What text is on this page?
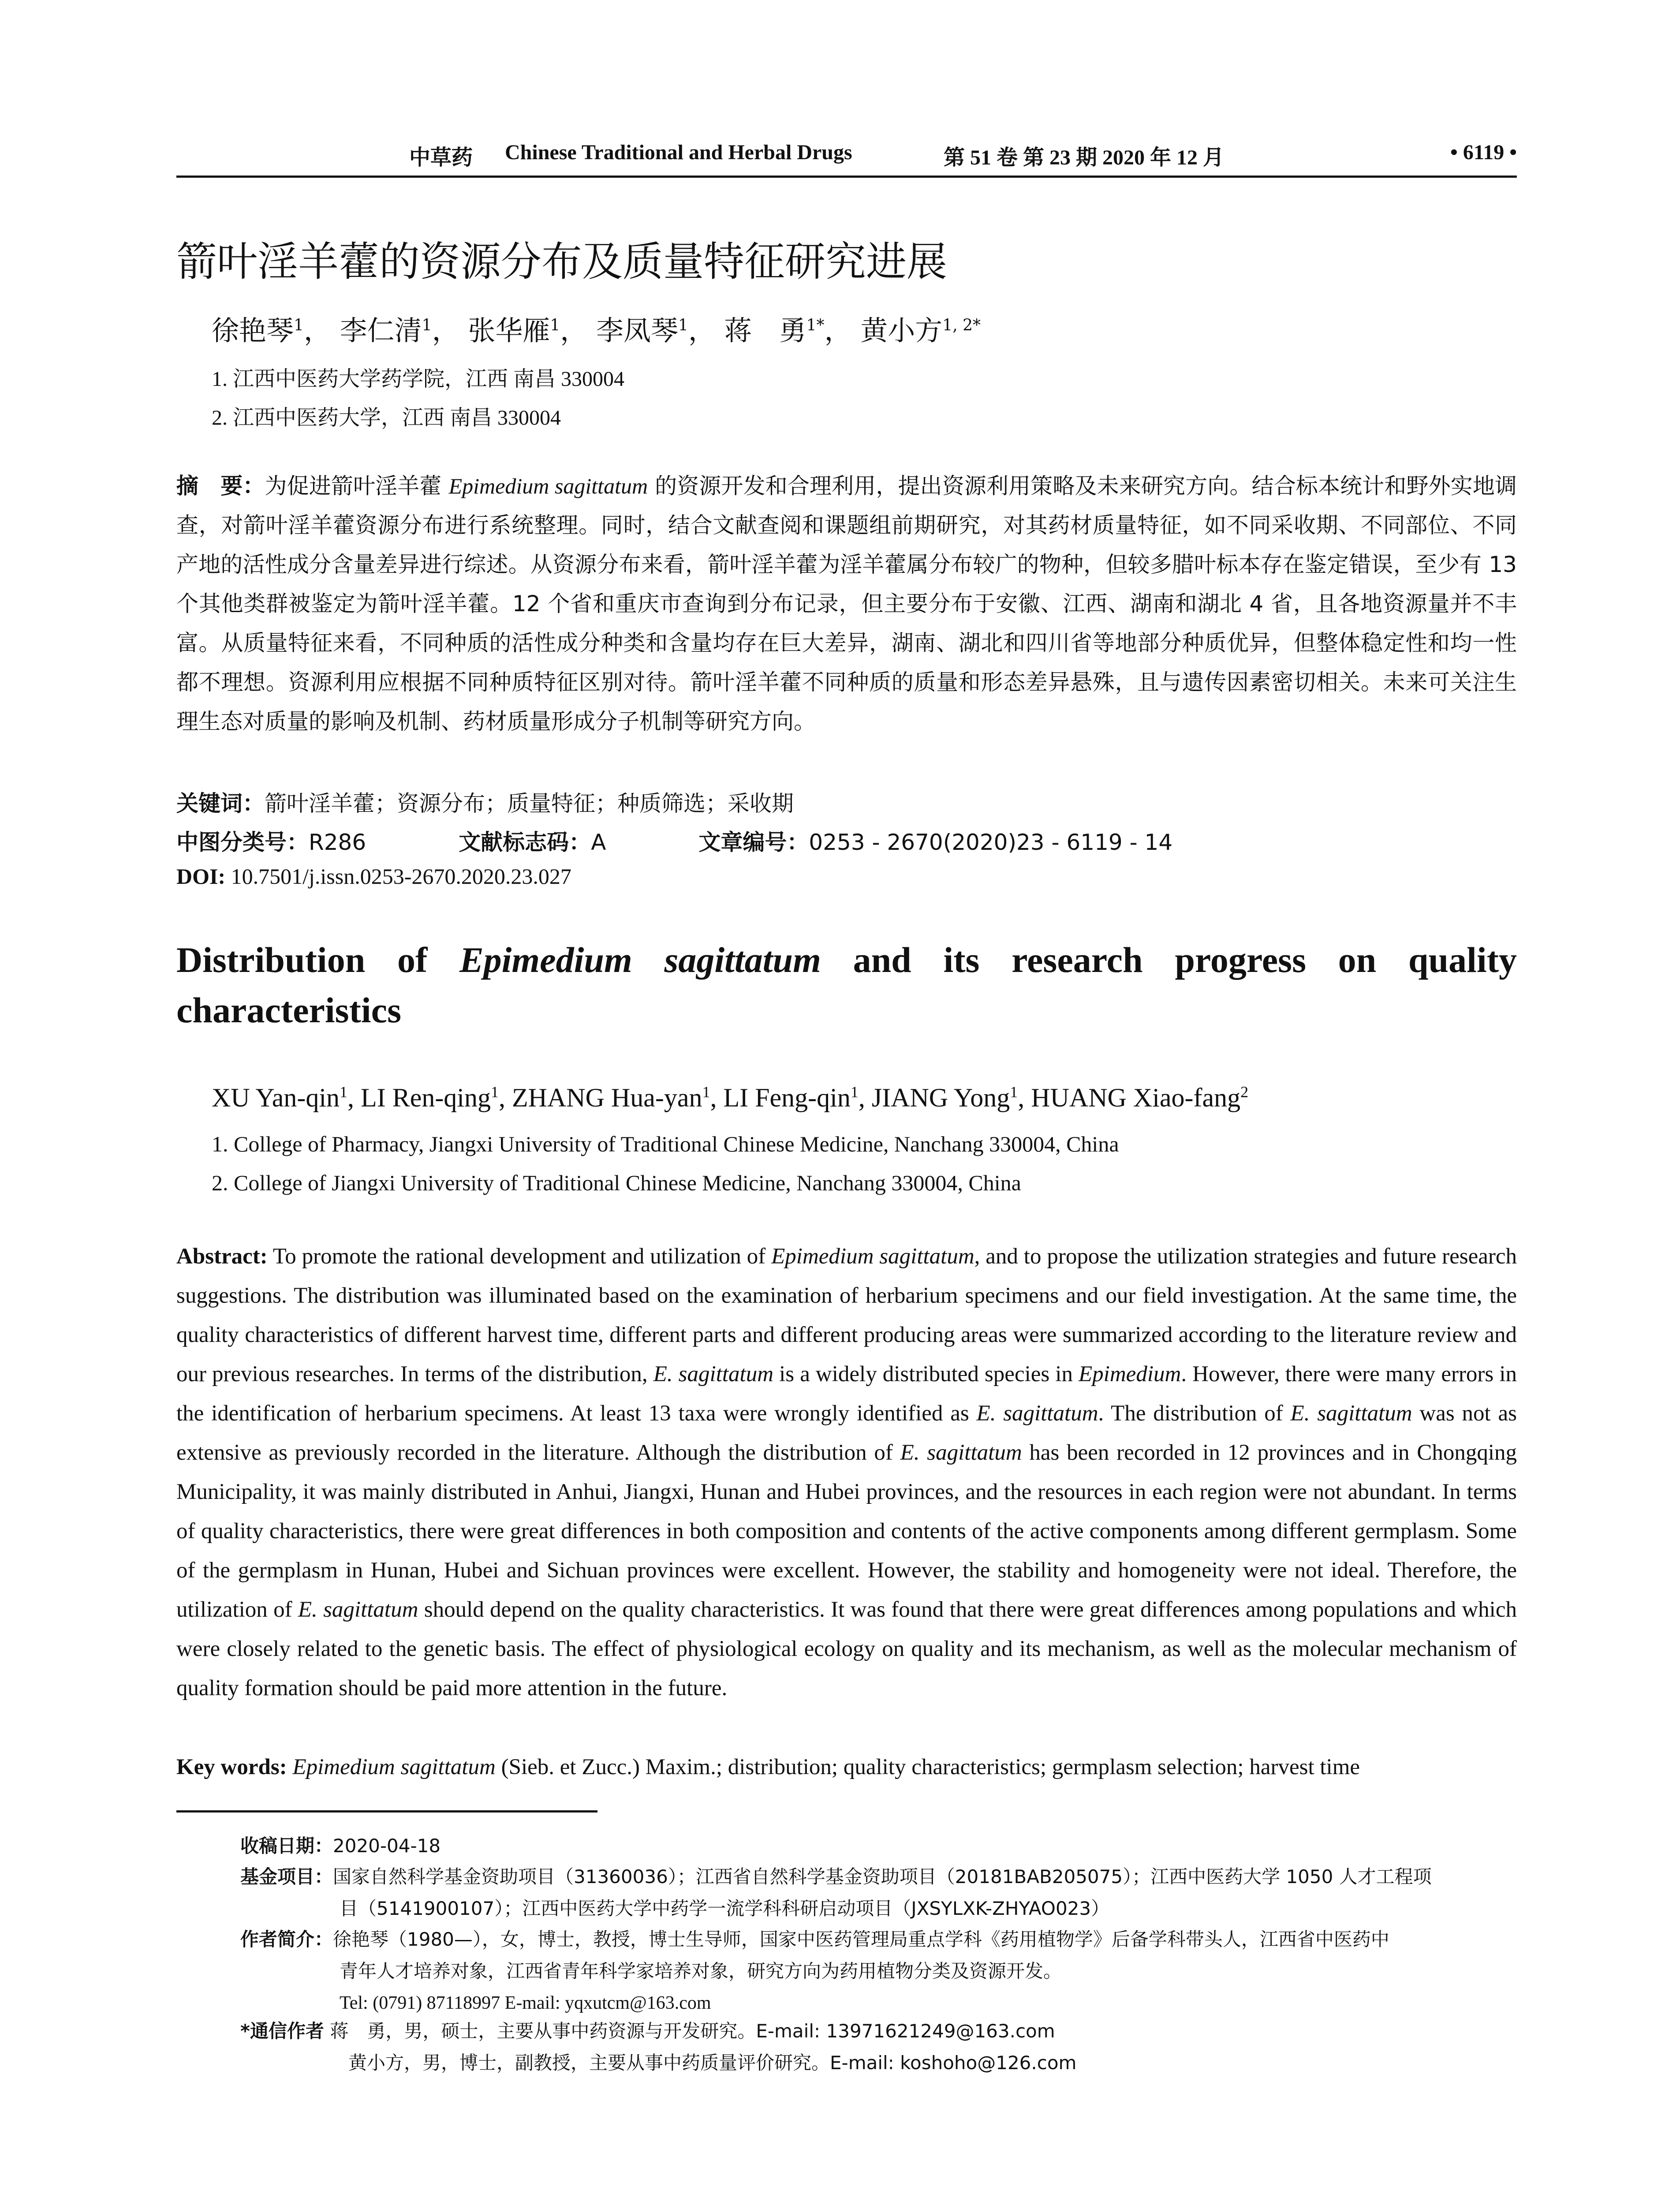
中草药 Chinese Traditional and Herbal Drugs	第 51 卷 第 23 期 2020 年 12 月	• 6119 •
箭叶淫羊藿的资源分布及质量特征研究进展
徐艳琴$^1$， 李仁清$^1$， 张华雁$^1$， 李凤琴$^1$， 蒋　勇$^{1*}$， 黄小方$^{1, 2*}$
1. 江西中医药大学药学院，江西 南昌 330004
2. 江西中医药大学，江西 南昌 330004
摘　要：为促进箭叶淫羊藿 Epimedium sagittatum 的资源开发和合理利用，提出资源利用策略及未来研究方向。结合标本统计和野外实地调查，对箭叶淫羊藿资源分布进行系统整理。同时，结合文献查阅和课题组前期研究，对其药材质量特征，如不同采收期、不同部位、不同产地的活性成分含量差异进行综述。从资源分布来看，箭叶淫羊藿为淫羊藿属分布较广的物种，但较多腊叶标本存在鉴定错误，至少有 13 个其他类群被鉴定为箭叶淫羊藿。12 个省和重庆市查询到分布记录，但主要分布于安徽、江西、湖南和湖北 4 省，且各地资源量并不丰富。从质量特征来看，不同种质的活性成分种类和含量均存在巨大差异，湖南、湖北和四川省等地部分种质优异，但整体稳定性和均一性都不理想。资源利用应根据不同种质特征区别对待。箭叶淫羊藿不同种质的质量和形态差异悬殊，且与遗传因素密切相关。未来可关注生理生态对质量的影响及机制、药材质量形成分子机制等研究方向。
关键词：箭叶淫羊藿；资源分布；质量特征；种质筛选；采收期
中图分类号：R286	文献标志码：A	文章编号：0253 - 2670(2020)23 - 6119 - 14
DOI: 10.7501/j.issn.0253-2670.2020.23.027
Distribution of Epimedium sagittatum and its research progress on quality characteristics
XU Yan-qin$^1$, LI Ren-qing$^1$, ZHANG Hua-yan$^1$, LI Feng-qin$^1$, JIANG Yong$^1$, HUANG Xiao-fang$^2$
1. College of Pharmacy, Jiangxi University of Traditional Chinese Medicine, Nanchang 330004, China
2. College of Jiangxi University of Traditional Chinese Medicine, Nanchang 330004, China
Abstract: To promote the rational development and utilization of Epimedium sagittatum, and to propose the utilization strategies and future research suggestions. The distribution was illuminated based on the examination of herbarium specimens and our field investigation. At the same time, the quality characteristics of different harvest time, different parts and different producing areas were summarized according to the literature review and our previous researches. In terms of the distribution, E. sagittatum is a widely distributed species in Epimedium. However, there were many errors in the identification of herbarium specimens. At least 13 taxa were wrongly identified as E. sagittatum. The distribution of E. sagittatum was not as extensive as previously recorded in the literature. Although the distribution of E. sagittatum has been recorded in 12 provinces and in Chongqing Municipality, it was mainly distributed in Anhui, Jiangxi, Hunan and Hubei provinces, and the resources in each region were not abundant. In terms of quality characteristics, there were great differences in both composition and contents of the active components among different germplasm. Some of the germplasm in Hunan, Hubei and Sichuan provinces were excellent. However, the stability and homogeneity were not ideal. Therefore, the utilization of E. sagittatum should depend on the quality characteristics. It was found that there were great differences among populations and which were closely related to the genetic basis. The effect of physiological ecology on quality and its mechanism, as well as the molecular mechanism of quality formation should be paid more attention in the future.
Key words: Epimedium sagittatum (Sieb. et Zucc.) Maxim.; distribution; quality characteristics; germplasm selection; harvest time
收稿日期：2020-04-18
基金项目：国家自然科学基金资助项目（31360036）；江西省自然科学基金资助项目（20181BAB205075）；江西中医药大学 1050 人才工程项
目（5141900107）；江西中医药大学中药学一流学科科研启动项目（JXSYLXK-ZHYAO023）
作者简介：徐艳琴（1980—），女，博士，教授，博士生导师，国家中医药管理局重点学科《药用植物学》后备学科带头人，江西省中医药中
青年人才培养对象，江西省青年科学家培养对象，研究方向为药用植物分类及资源开发。
Tel: (0791) 87118997 E-mail: yqxutcm@163.com
*通信作者 蒋　勇，男，硕士，主要从事中药资源与开发研究。E-mail: 13971621249@163.com
黄小方，男，博士，副教授，主要从事中药质量评价研究。E-mail: koshoho@126.com
